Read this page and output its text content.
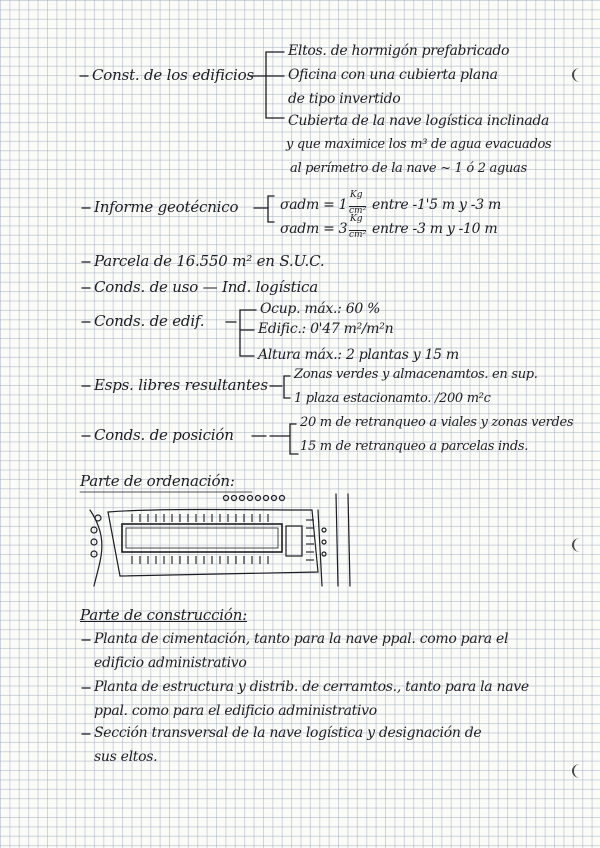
Const. de los edificios
Eltos. de hormigón prefabricado
Oficina con una cubierta plana
de tipo invertido
Cubierta de la nave logística inclinada
y que maximice los m³ de agua evacuados
al perímetro de la nave ~ 1 ó 2 aguas
Informe geotécnico	σadm = 1
Kg
cm² entre -1'5 m y -3 m
σadm = 3
Kg
cm² entre -3 m y -10 m
Parcela de 16.550 m² en S.U.C.
Conds. de uso — Ind. logística
Conds. de edif.
Ocup. máx.: 60 %
Edific.: 0'47 m²/m²n
Altura máx.: 2 plantas y 15 m
Esps. libres resultantes
Zonas verdes y almacenamtos. en sup.
1 plaza estacionamto. /200 m²c
Conds. de posición
20 m de retranqueo a viales y zonas verdes
15 m de retranqueo a parcelas inds.
Parte de ordenación:
Parte de construcción:
Planta de cimentación, tanto para la nave ppal. como para el
edificio administrativo
Planta de estructura y distrib. de cerramtos., tanto para la nave
ppal. como para el edificio administrativo
Sección transversal de la nave logística y designación de
sus eltos.
